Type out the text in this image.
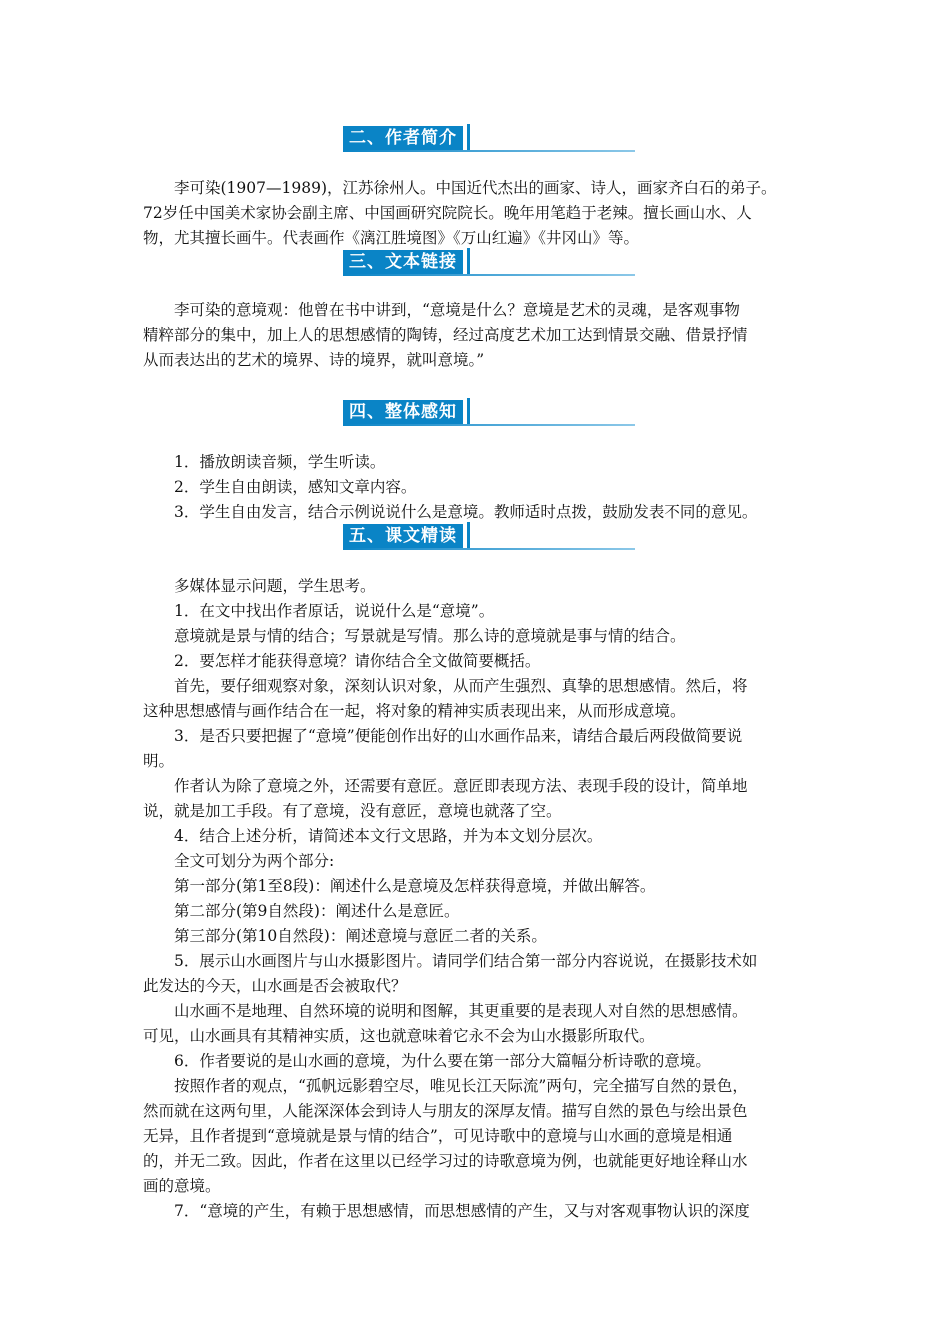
二、作者简介
李可染(1907—1989)，江苏徐州人。中国近代杰出的画家、诗人，画家齐白石的弟子。
72岁任中国美术家协会副主席、中国画研究院院长。晚年用笔趋于老辣。擅长画山水、人
物，尤其擅长画牛。代表画作《漓江胜境图》《万山红遍》《井冈山》等。
三、文本链接
李可染的意境观：他曾在书中讲到，“意境是什么？意境是艺术的灵魂，是客观事物
精粹部分的集中，加上人的思想感情的陶铸，经过高度艺术加工达到情景交融、借景抒情
从而表达出的艺术的境界、诗的境界，就叫意境。”
四、整体感知
1．播放朗读音频，学生听读。
2．学生自由朗读，感知文章内容。
3．学生自由发言，结合示例说说什么是意境。教师适时点拨，鼓励发表不同的意见。
五、课文精读
多媒体显示问题，学生思考。
1．在文中找出作者原话，说说什么是“意境”。
意境就是景与情的结合；写景就是写情。那么诗的意境就是事与情的结合。
2．要怎样才能获得意境？请你结合全文做简要概括。
首先，要仔细观察对象，深刻认识对象，从而产生强烈、真挚的思想感情。然后，将
这种思想感情与画作结合在一起，将对象的精神实质表现出来，从而形成意境。
3．是否只要把握了“意境”便能创作出好的山水画作品来，请结合最后两段做简要说
明。
作者认为除了意境之外，还需要有意匠。意匠即表现方法、表现手段的设计，简单地
说，就是加工手段。有了意境，没有意匠，意境也就落了空。
4．结合上述分析，请简述本文行文思路，并为本文划分层次。
全文可划分为两个部分:
第一部分(第1至8段)：阐述什么是意境及怎样获得意境，并做出解答。
第二部分(第9自然段)：阐述什么是意匠。
第三部分(第10自然段)：阐述意境与意匠二者的关系。
5．展示山水画图片与山水摄影图片。请同学们结合第一部分内容说说，在摄影技术如
此发达的今天，山水画是否会被取代？
山水画不是地理、自然环境的说明和图解，其更重要的是表现人对自然的思想感情。
可见，山水画具有其精神实质，这也就意味着它永不会为山水摄影所取代。
6．作者要说的是山水画的意境，为什么要在第一部分大篇幅分析诗歌的意境。
按照作者的观点，“孤帆远影碧空尽，唯见长江天际流”两句，完全描写自然的景色，
然而就在这两句里，人能深深体会到诗人与朋友的深厚友情。描写自然的景色与绘出景色
无异，且作者提到“意境就是景与情的结合”，可见诗歌中的意境与山水画的意境是相通
的，并无二致。因此，作者在这里以已经学习过的诗歌意境为例，也就能更好地诠释山水
画的意境。
7．“意境的产生，有赖于思想感情，而思想感情的产生，又与对客观事物认识的深度
